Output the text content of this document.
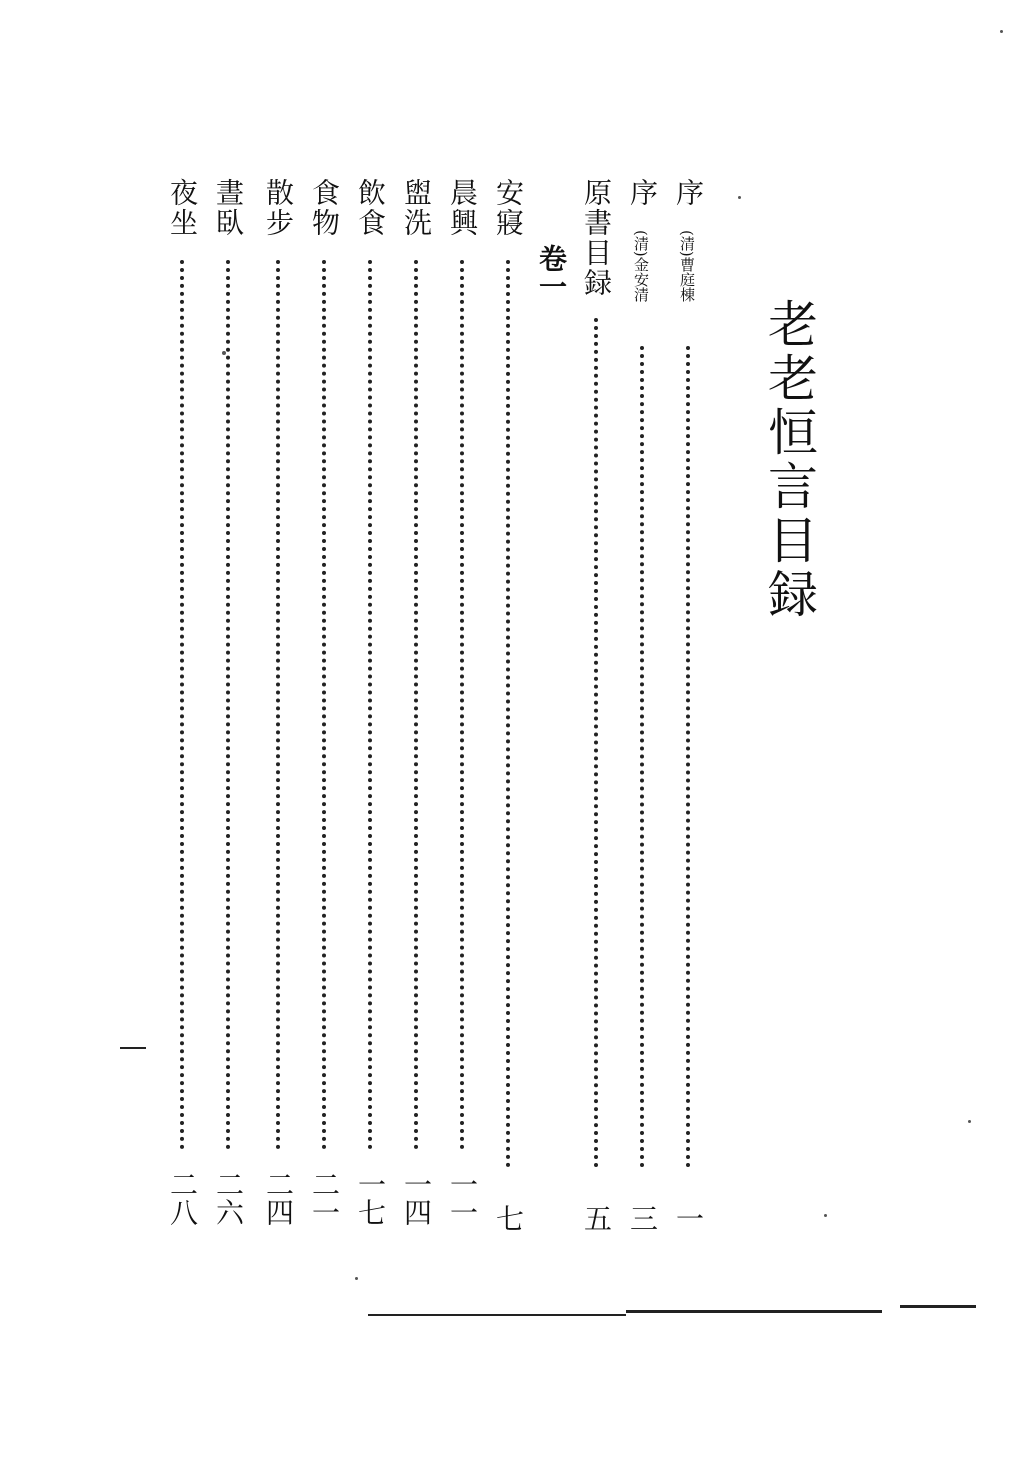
老老恒言目録
序
(清)曹庭棟
一
序
(清)金安清
三
原書目録
五
卷一
安寢
七
晨興
一一
盥洗
一四
飲食
一七
食物
二一
散步
二四
晝臥
二六
夜坐
二八
